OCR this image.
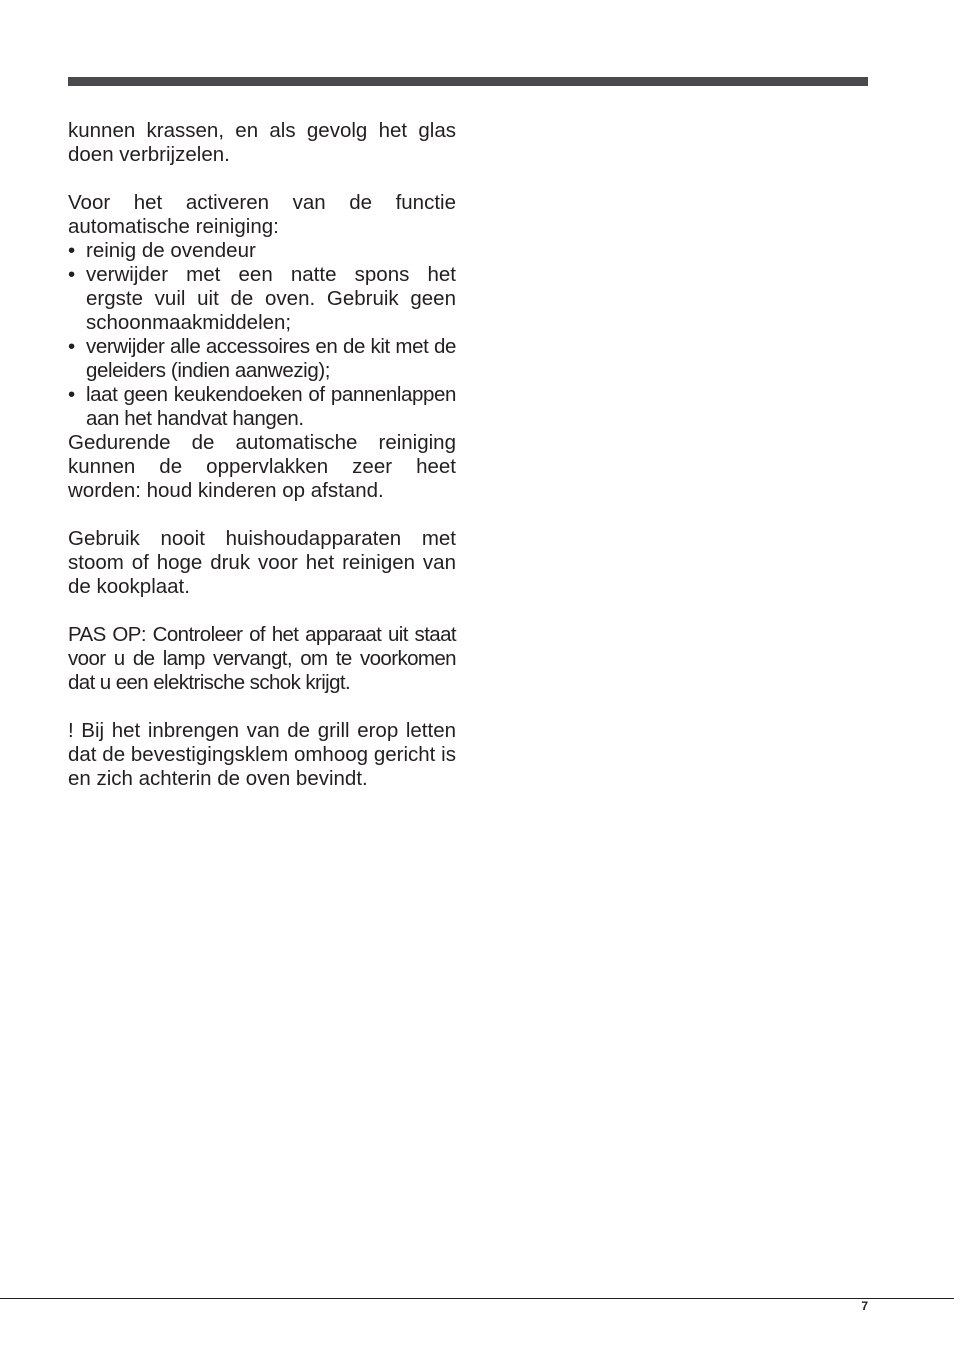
kunnen krassen, en als gevolg het glas doen verbrijzelen.

Voor het activeren van de functie automatische reiniging:

• reinig de ovendeur
• verwijder met een natte spons het ergste vuil uit de oven. Gebruik geen schoonmaakmiddelen;
• verwijder alle accessoires en de kit met de geleiders (indien aanwezig);
• laat geen keukendoeken of pannenlappen aan het handvat hangen.

Gedurende de automatische reiniging kunnen de oppervlakken zeer heet worden: houd kinderen op afstand.

Gebruik nooit huishoudapparaten met stoom of hoge druk voor het reinigen van de kookplaat.

PAS OP: Controleer of het apparaat uit staat voor u de lamp vervangt, om te voorkomen dat u een elektrische schok krijgt.

! Bij het inbrengen van de grill erop letten dat de bevestigingsklem omhoog gericht is en zich achterin de oven bevindt.

7
